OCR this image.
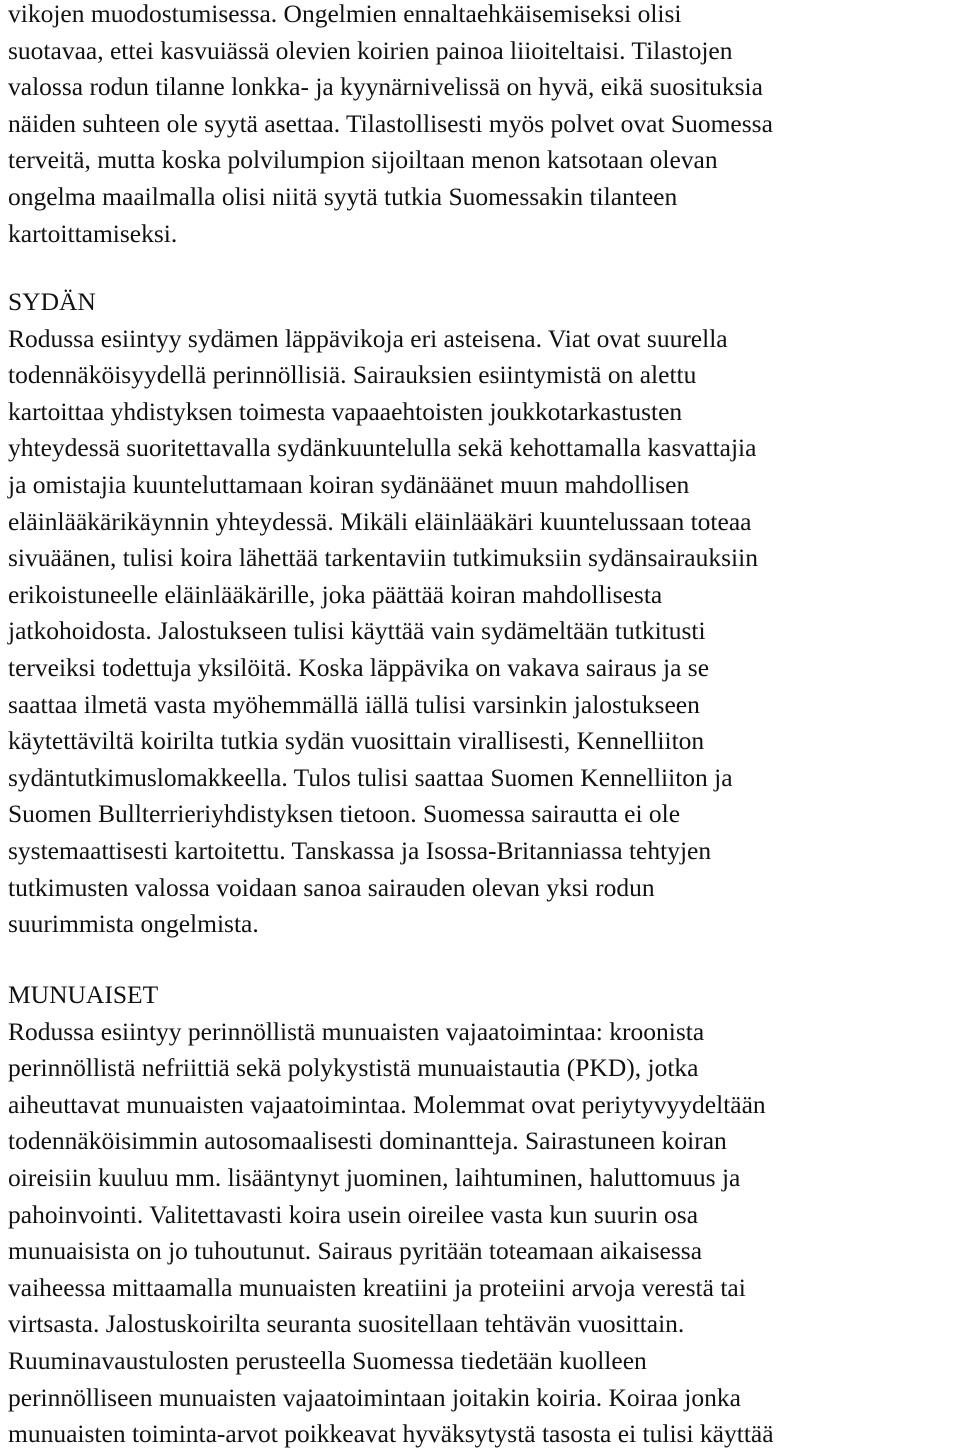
vikojen muodostumisessa. Ongelmien ennaltaehkäisemiseksi olisi
suotavaa, ettei kasvuiässä olevien koirien painoa liioiteltaisi. Tilastojen
valossa rodun tilanne lonkka- ja kyynärnivelissä on hyvä, eikä suosituksia
näiden suhteen ole syytä asettaa. Tilastollisesti myös polvet ovat Suomessa
terveitä, mutta koska polvilumpion sijoiltaan menon katsotaan olevan
ongelma maailmalla olisi niitä syytä tutkia Suomessakin tilanteen
kartoittamiseksi.
SYDÄN
Rodussa esiintyy sydämen läppävikoja eri asteisena. Viat ovat suurella
todennäköisyydellä perinnöllisiä. Sairauksien esiintymistä on alettu
kartoittaa yhdistyksen toimesta vapaaehtoisten joukkotarkastusten
yhteydessä suoritettavalla sydänkuuntelulla sekä kehottamalla kasvattajia
ja omistajia kuunteluttamaan koiran sydänäänet muun mahdollisen
eläinlääkärikäynnin yhteydessä. Mikäli eläinlääkäri kuuntelussaan toteaa
sivuäänen, tulisi koira lähettää tarkentaviin tutkimuksiin sydänsairauksiin
erikoistuneelle eläinlääkärille, joka päättää koiran mahdollisesta
jatkohoidosta. Jalostukseen tulisi käyttää vain sydämeltään tutkitusti
terveiksi todettuja yksilöitä. Koska läppävika on vakava sairaus ja se
saattaa ilmetä vasta myöhemmällä iällä tulisi varsinkin jalostukseen
käytettäviltä koirilta tutkia sydän vuosittain virallisesti, Kennelliiton
sydäntutkimuslomakkeella. Tulos tulisi saattaa Suomen Kennelliiton ja
Suomen Bullterrieriyhdistyksen tietoon. Suomessa sairautta ei ole
systemaattisesti kartoitettu. Tanskassa ja Isossa-Britanniassa tehtyjen
tutkimusten valossa voidaan sanoa sairauden olevan yksi rodun
suurimmista ongelmista.
MUNUAISET
Rodussa esiintyy perinnöllistä munuaisten vajaatoimintaa: kroonista
perinnöllistä nefriittiä sekä polykystistä munuaistautia (PKD), jotka
aiheuttavat munuaisten vajaatoimintaa. Molemmat ovat periytyvyydeltään
todennäköisimmin autosomaalisesti dominantteja. Sairastuneen koiran
oireisiin kuuluu mm. lisääntynyt juominen, laihtuminen, haluttomuus ja
pahoinvointi. Valitettavasti koira usein oireilee vasta kun suurin osa
munuaisista on jo tuhoutunut. Sairaus pyritään toteamaan aikaisessa
vaiheessa mittaamalla munuaisten kreatiini ja proteiini arvoja verestä tai
virtsasta. Jalostuskoirilta seuranta suositellaan tehtävän vuosittain.
Ruuminavaustulosten perusteella Suomessa tiedetään kuolleen
perinnölliseen munuaisten vajaatoimintaan joitakin koiria. Koiraa jonka
munuaisten toiminta-arvot poikkeavat hyväksytystä tasosta ei tulisi käyttää
